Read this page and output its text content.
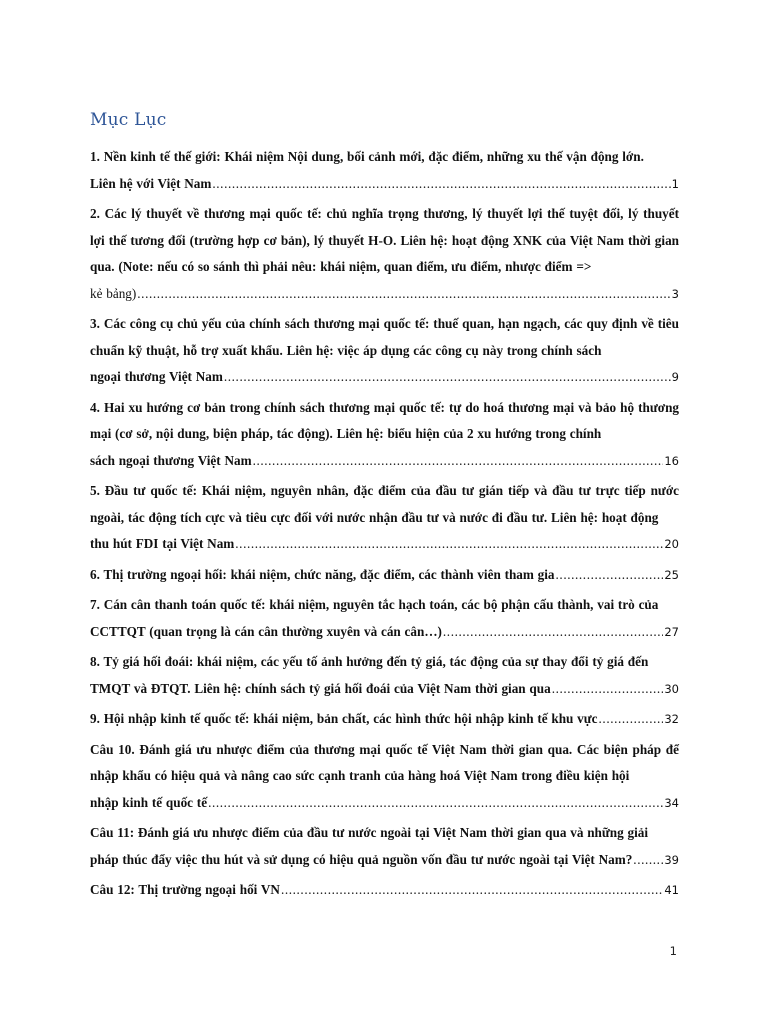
Mục Lục
1. Nền kinh tế thế giới: Khái niệm Nội dung, bối cảnh mới, đặc điểm, những xu thế vận động lớn.
Liên hệ với Việt Nam .....	1
2. Các lý thuyết về thương mại quốc tế: chủ nghĩa trọng thương, lý thuyết lợi thế tuyệt đối, lý thuyết lợi thế tương đối (trường hợp cơ bản), lý thuyết H-O. Liên hệ: hoạt động XNK của Việt Nam thời gian qua. (Note: nếu có so sánh thì phải nêu: khái niệm, quan điểm, ưu điểm, nhược điểm =>
kẻ bảng) .....	3
3. Các công cụ chủ yếu của chính sách thương mại quốc tế: thuế quan, hạn ngạch, các quy định về tiêu chuẩn kỹ thuật, hỗ trợ xuất khẩu. Liên hệ: việc áp dụng các công cụ này trong chính sách
ngoại thương Việt Nam .....	9
4. Hai xu hướng cơ bản trong chính sách thương mại quốc tế: tự do hoá thương mại và bảo hộ thương mại (cơ sở, nội dung, biện pháp, tác động). Liên hệ: biểu hiện của 2 xu hướng trong chính
sách ngoại thương Việt Nam .....	16
5. Đầu tư quốc tế: Khái niệm, nguyên nhân, đặc điểm của đầu tư gián tiếp và đầu tư trực tiếp nước ngoài, tác động tích cực và tiêu cực đối với nước nhận đầu tư và nước đi đầu tư. Liên hệ: hoạt động
thu hút FDI tại Việt Nam .....	20
6. Thị trường ngoại hối: khái niệm, chức năng, đặc điểm, các thành viên tham gia .....	25
7. Cán cân thanh toán quốc tế: khái niệm, nguyên tắc hạch toán, các bộ phận cấu thành, vai trò của
CCTTQT (quan trọng là cán cân thường xuyên và cán cân…) .....	27
8. Tỷ giá hối đoái: khái niệm, các yếu tố ảnh hưởng đến tỷ giá, tác động của sự thay đổi tỷ giá đến
TMQT và ĐTQT. Liên hệ: chính sách tỷ giá hối đoái của Việt Nam thời gian qua .....	30
9. Hội nhập kinh tế quốc tế: khái niệm, bản chất, các hình thức hội nhập kinh tế khu vực .....	32
Câu 10. Đánh giá ưu nhược điểm của thương mại quốc tế Việt Nam thời gian qua. Các biện pháp để nhập khẩu có hiệu quả và nâng cao sức cạnh tranh của hàng hoá Việt Nam trong điều kiện hội
nhập kinh tế quốc tế .....	34
Câu 11: Đánh giá ưu nhược điểm của đầu tư nước ngoài tại Việt Nam thời gian qua và những giải
pháp thúc đẩy việc thu hút và sử dụng có hiệu quả nguồn vốn đầu tư nước ngoài tại Việt Nam? .....	39
Câu 12: Thị trường ngoại hối VN .....	41
1
